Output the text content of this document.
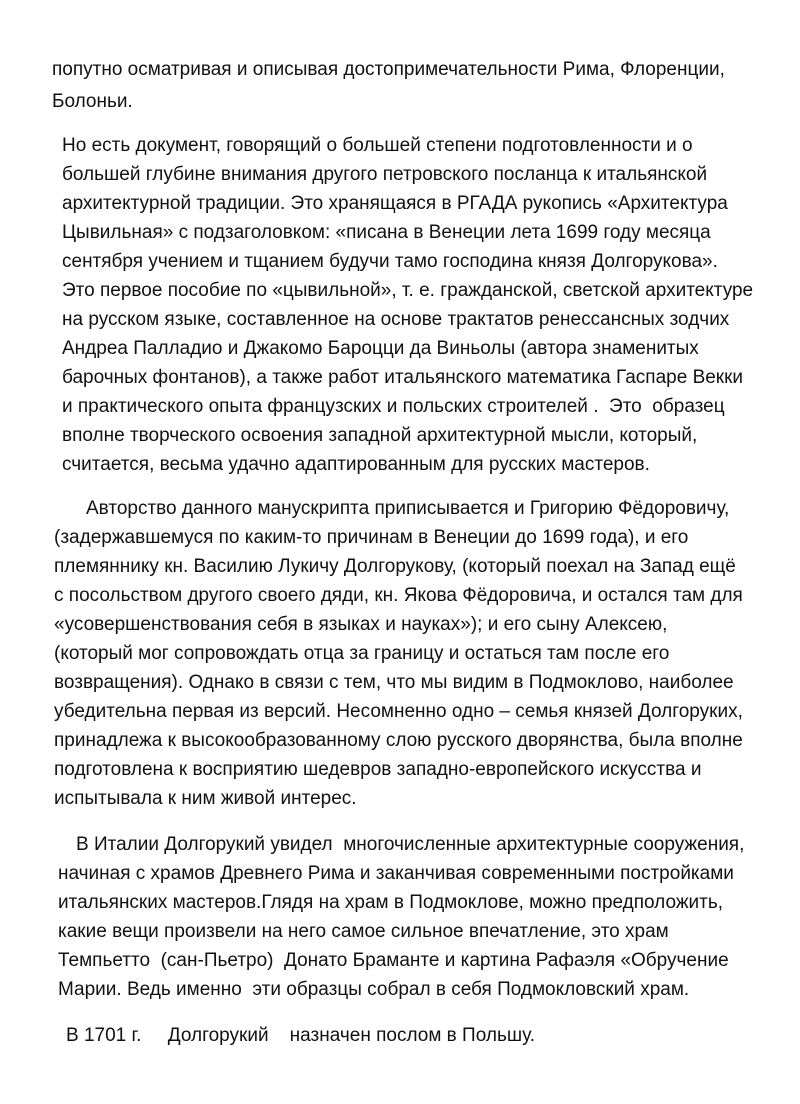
попутно осматривая и описывая достопримечательности Рима, Флоренции,
Болоньи.
Но есть документ, говорящий о большей степени подготовленности и о
большей глубине внимания другого петровского посланца к итальянской
архитектурной традиции. Это хранящаяся в РГАДА рукопись «Архитектура
Цывильная» с подзаголовком: «писана в Венеции лета 1699 году месяца
сентября учением и тщанием будучи тамо господина князя Долгорукова».
Это первое пособие по «цывильной», т. е. гражданской, светской архитектуре
на русском языке, составленное на основе трактатов ренессансных зодчих
Андреа Палладио и Джакомо Бароцци да Виньолы (автора знаменитых
барочных фонтанов), а также работ итальянского математика Гаспаре Векки
и практического опыта французских и польских строителей .  Это  образец
вполне творческого освоения западной архитектурной мысли, который,
считается, весьма удачно адаптированным для русских мастеров.
Авторство данного манускрипта приписывается и Григорию Фёдоровичу,
(задержавшемуся по каким-то причинам в Венеции до 1699 года), и его
племяннику кн. Василию Лукичу Долгорукову, (который поехал на Запад ещё
с посольством другого своего дяди, кн. Якова Фёдоровича, и остался там для
«усовершенствования себя в языках и науках»); и его сыну Алексею,
(который мог сопровождать отца за границу и остаться там после его
возвращения). Однако в связи с тем, что мы видим в Подмоклово, наиболее
убедительна первая из версий. Несомненно одно – семья князей Долгоруких,
принадлежа к высокообразованному слою русского дворянства, была вполне
подготовлена к восприятию шедевров западно-европейского искусства и
испытывала к ним живой интерес.
В Италии Долгорукий увидел  многочисленные архитектурные сооружения,
начиная с храмов Древнего Рима и заканчивая современными постройками
итальянских мастеров.Глядя на храм в Подмоклове, можно предположить,
какие вещи произвели на него самое сильное впечатление, это храм
Темпьетто  (сан-Пьетро)  Донато Браманте и картина Рафаэля «Обручение
Марии. Ведь именно  эти образцы собрал в себя Подмокловский храм.
В 1701 г.     Долгорукий    назначен послом в Польшу.
